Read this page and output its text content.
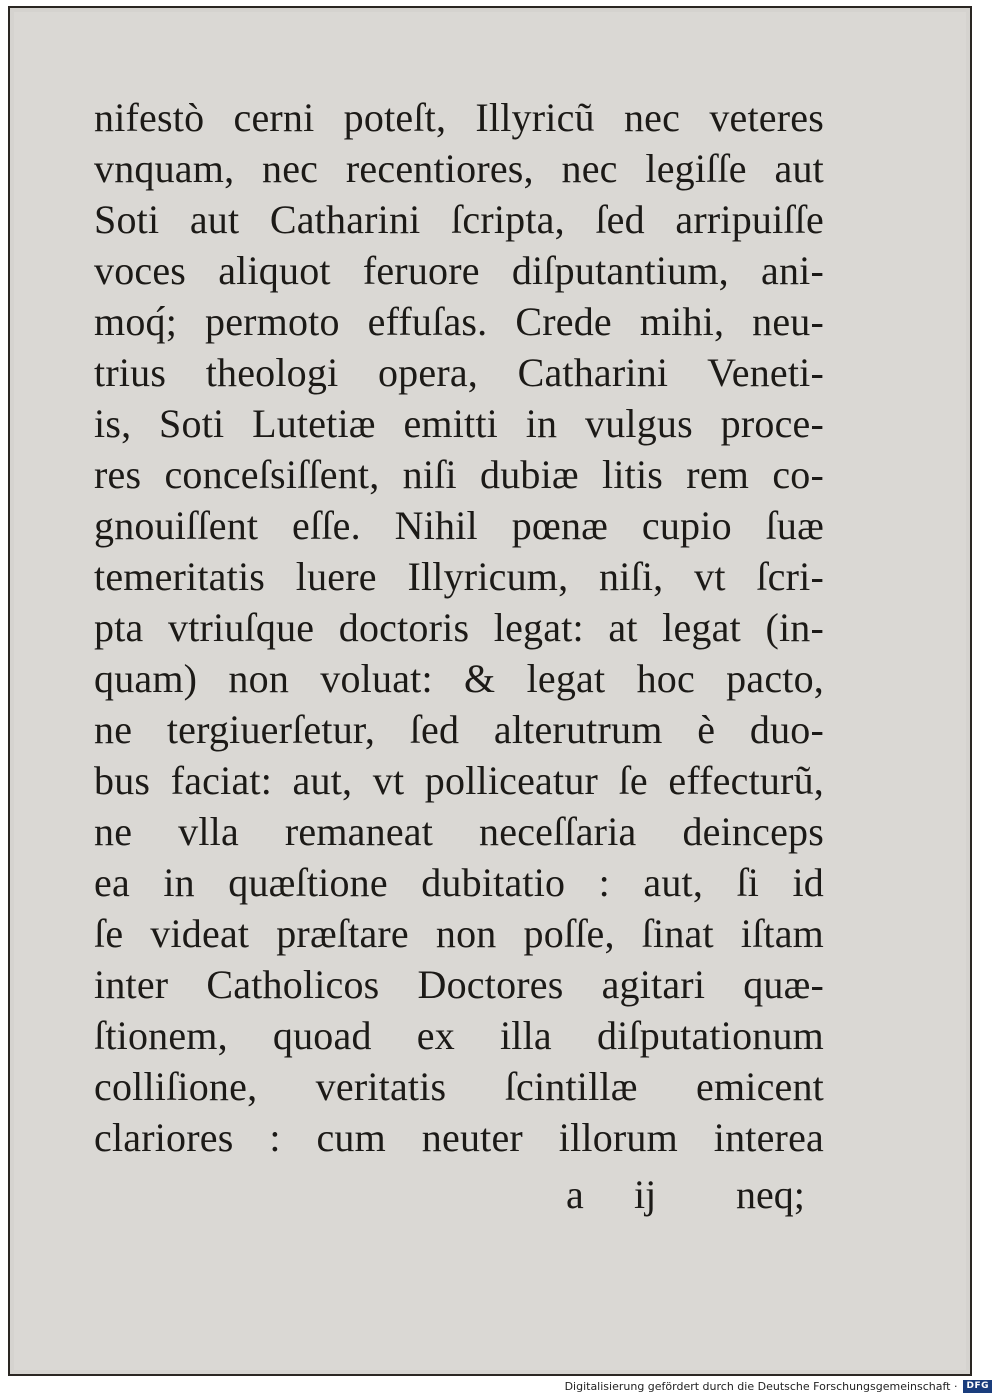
nifestò cerni poteſt, Illyricũ nec veteres
vnquam, nec recentiores, nec legiſſe aut
Soti aut Catharini ſcripta, ſed arripuiſſe
voces aliquot feruore diſputantium, ani-
moq́; permoto effuſas. Crede mihi, neu-
trius theologi opera, Catharini Veneti-
is, Soti Lutetiæ emitti in vulgus proce-
res conceſsiſſent, niſi dubiæ litis rem co-
gnouiſſent eſſe. Nihil pœnæ cupio ſuæ
temeritatis luere Illyricum, niſi, vt ſcri-
pta vtriuſque doctoris legat: at legat (in-
quam) non voluat: & legat hoc pacto,
ne tergiuerſetur, ſed alterutrum è duo-
bus faciat: aut, vt polliceatur ſe effecturũ,
ne vlla remaneat neceſſaria deinceps
ea in quæſtione dubitatio : aut, ſi id
ſe videat præſtare non poſſe, ſinat iſtam
inter Catholicos Doctores agitari quæ-
ſtionem, quoad ex illa diſputationum
colliſione, veritatis ſcintillæ emicent
clariores : cum neuter illorum interea
a ij neq;
Digitalisierung gefördert durch die Deutsche Forschungsgemeinschaft ·	DFG
